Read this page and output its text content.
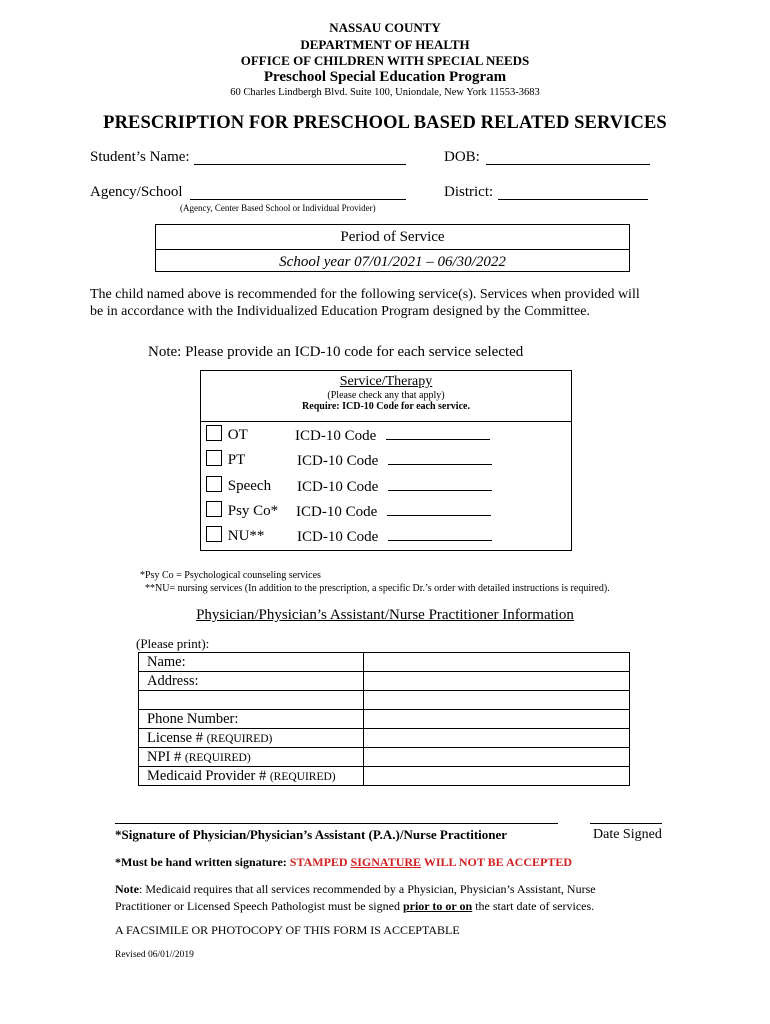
NASSAU COUNTY
DEPARTMENT OF HEALTH
OFFICE OF CHILDREN WITH SPECIAL NEEDS
Preschool Special Education Program
60 Charles Lindbergh Blvd. Suite 100, Uniondale, New York 11553-3683
PRESCRIPTION FOR PRESCHOOL BASED RELATED SERVICES
Student’s Name:	DOB:
Agency/School	District:
(Agency, Center Based School or Individual Provider)
Period of Service
School year 07/01/2021 – 06/30/2022
The child named above is recommended for the following service(s). Services when provided will
be in accordance with the Individualized Education Program designed by the Committee.
Note: Please provide an ICD-10 code for each service selected
Service/Therapy
(Please check any that apply)
Require: ICD-10 Code for each service.
OT	ICD-10 Code
PT	ICD-10 Code
Speech ICD-10 Code
Psy Co* ICD-10 Code
NU** ICD-10 Code
*Psy Co = Psychological counseling services
**NU= nursing services (In addition to the prescription, a specific Dr.’s order with detailed instructions is required).
Physician/Physician’s Assistant/Nurse Practitioner Information
(Please print):
Name:	
Address:	

Phone Number:	
License # (REQUIRED)	
NPI # (REQUIRED)	
Medicaid Provider # (REQUIRED)	
*Signature of Physician/Physician’s Assistant (P.A.)/Nurse Practitioner	Date Signed
*Must be hand written signature: STAMPED SIGNATURE WILL NOT BE ACCEPTED
Note: Medicaid requires that all services recommended by a Physician, Physician’s Assistant, Nurse
Practitioner or Licensed Speech Pathologist must be signed prior to or on the start date of services.
A FACSIMILE OR PHOTOCOPY OF THIS FORM IS ACCEPTABLE
Revised 06/01//2019
